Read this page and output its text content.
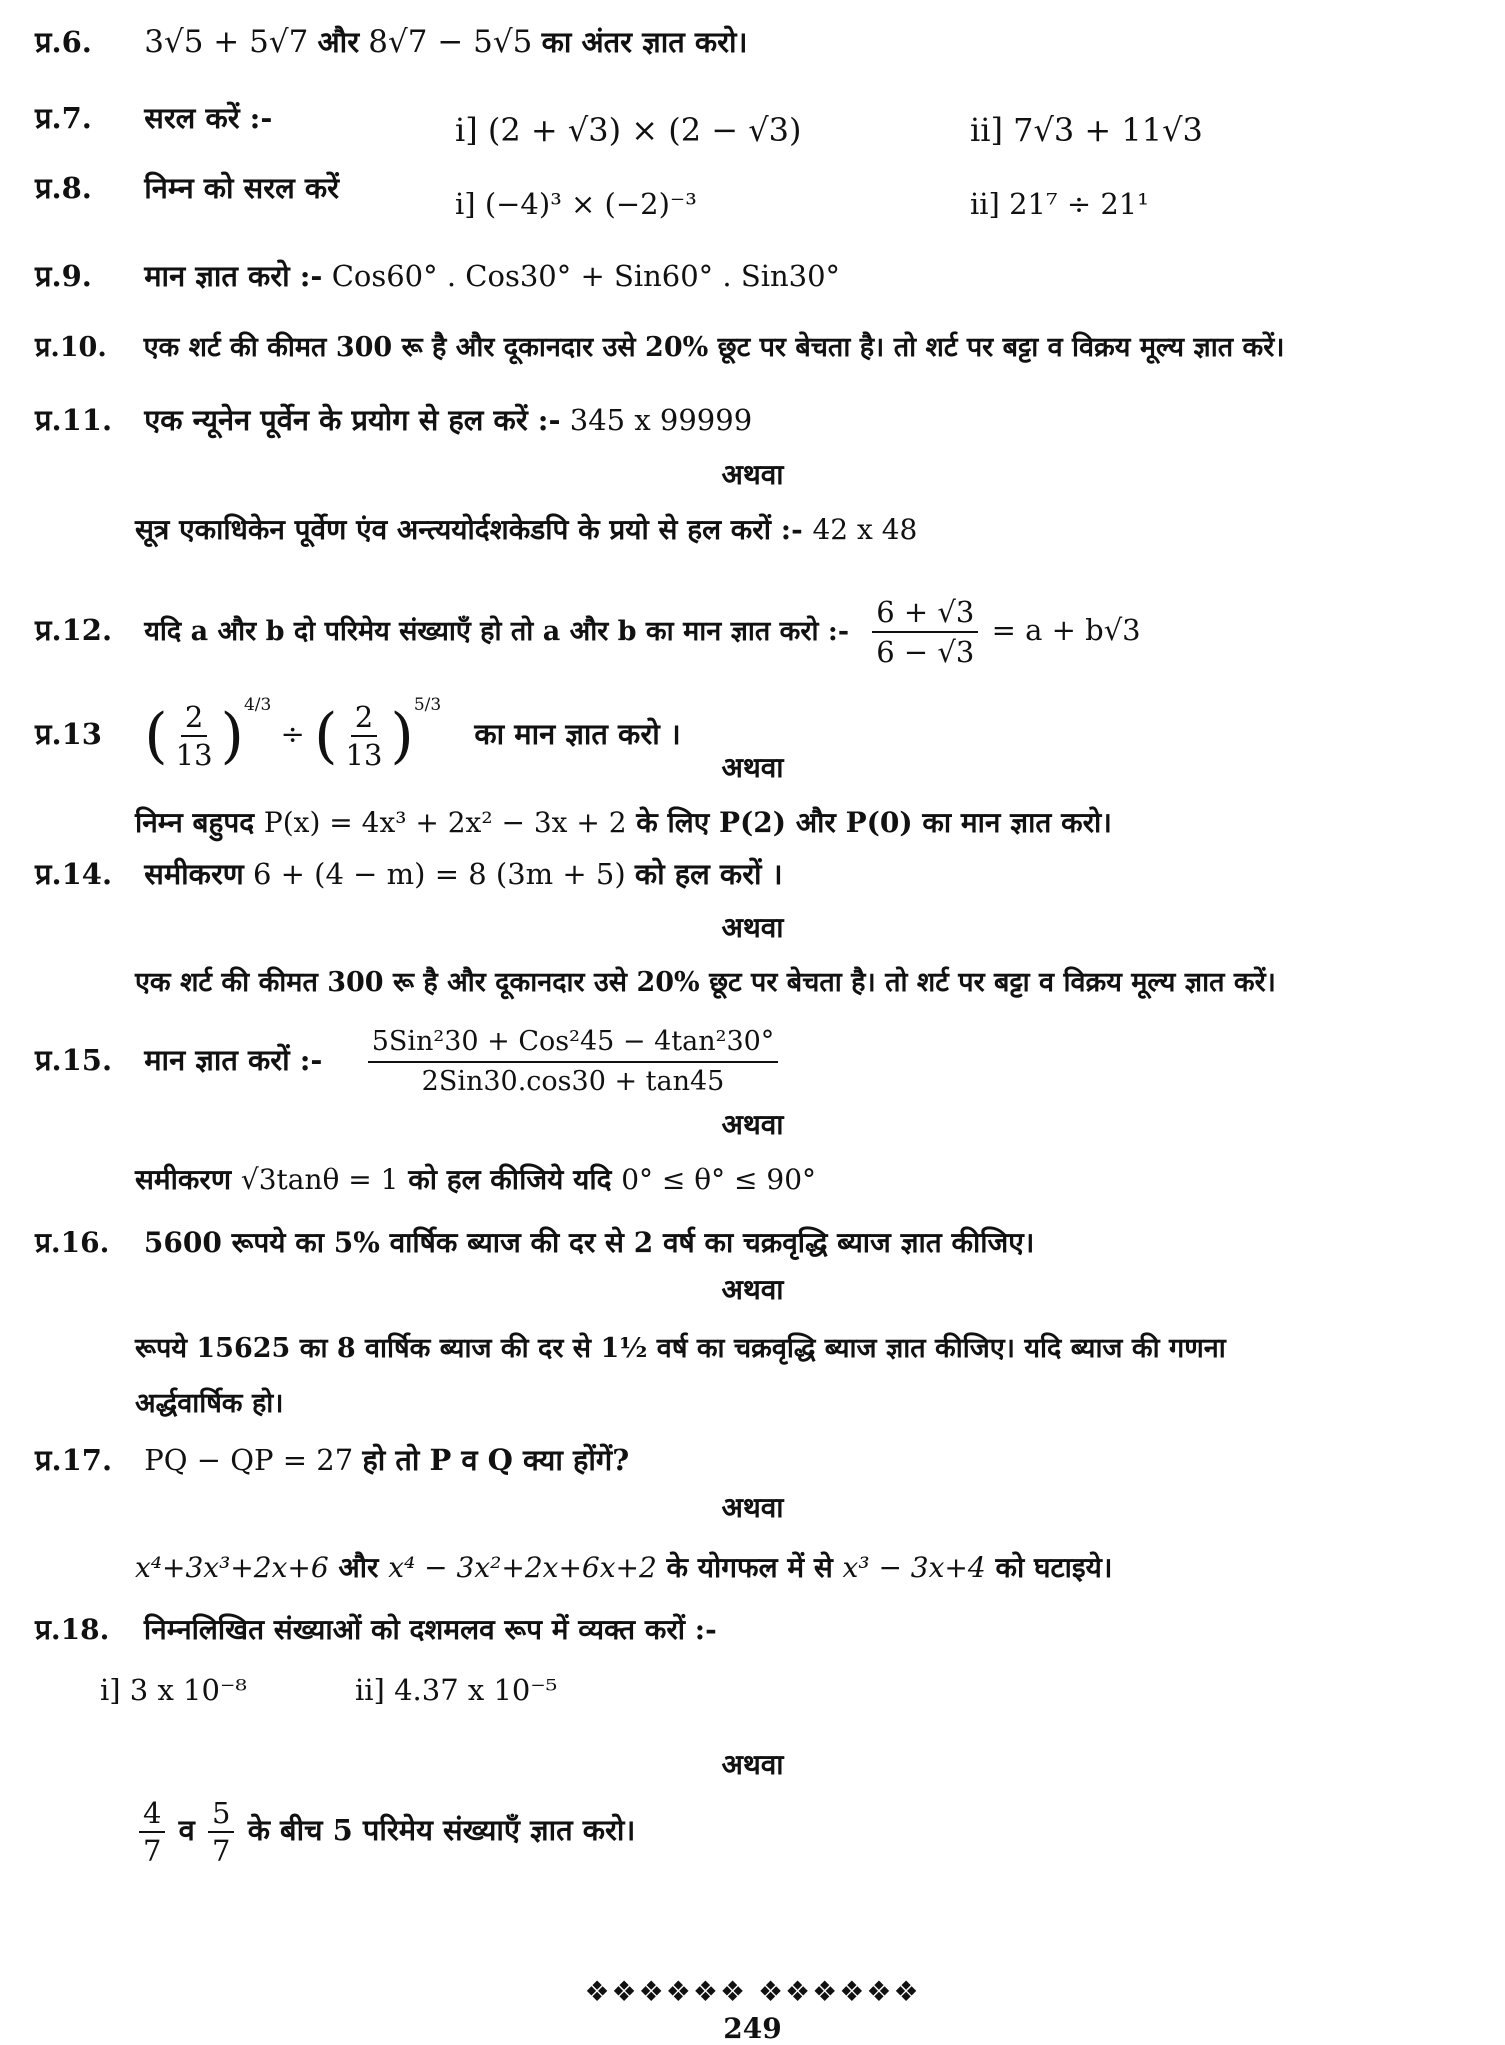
प्र.6. 3√5 + 5√7 और 8√7 − 5√5 का अंतर ज्ञात करो।
प्र.7. सरल करें :-	i] (2 + √3) × (2 − √3)	ii] 7√3 + 11√3
प्र.8. निम्न को सरल करें	i] (−4)³ × (−2)⁻³	ii] 21⁷ ÷ 21¹
प्र.9. मान ज्ञात करो :- Cos60° . Cos30° + Sin60° . Sin30°
प्र.10. एक शर्ट की कीमत 300 रू है और दूकानदार उसे 20% छूट पर बेचता है। तो शर्ट पर बट्टा व विक्रय मूल्य ज्ञात करें।
प्र.11. एक न्यूनेन पूर्वेन के प्रयोग से हल करें :- 345 x 99999
अथवा
सूत्र एकाधिकेन पूर्वेण एंव अन्त्ययोर्दशकेडपि के प्रयो से हल करों :- 42 x 48
प्र.12. यदि a और b दो परिमेय संख्याएँ हो तो a और b का मान ज्ञात करो :- $\frac{6 + √3}{6 - √3} = a + b√3$
प्र.13 ( $\frac{2}{13} )^{4/3}$ ÷ ( $\frac{2}{13} )^{5/3}$ का मान ज्ञात करो ।
अथवा
निम्न बहुपद P(x) = 4x³ + 2x² − 3x + 2 के लिए P(2) और P(0) का मान ज्ञात करो।
प्र.14. समीकरण 6 + (4 − m) = 8 (3m + 5) को हल करों ।
अथवा
एक शर्ट की कीमत 300 रू है और दूकानदार उसे 20% छूट पर बेचता है। तो शर्ट पर बट्टा व विक्रय मूल्य ज्ञात करें।
प्र.15. मान ज्ञात करों :- $\frac{\text{5Sin²30 + Cos²45 − 4tan²30°}}{\text{2Sin30.cos30 + tan45}}$
अथवा
समीकरण √3tanθ = 1 को हल कीजिये यदि 0° ≤ θ° ≤ 90°
प्र.16. 5600 रूपये का 5% वार्षिक ब्याज की दर से 2 वर्ष का चक्रवृद्धि ब्याज ज्ञात कीजिए।
अथवा
रूपये 15625 का 8 वार्षिक ब्याज की दर से 1½ वर्ष का चक्रवृद्धि ब्याज ज्ञात कीजिए। यदि ब्याज की गणना
अर्द्धवार्षिक हो।
प्र.17. PQ − QP = 27 हो तो P व Q क्या होंगें?
अथवा
x⁴+3x³+2x+6 और x⁴ − 3x²+2x+6x+2 के योगफल में से x³ − 3x+4 को घटाइये।
प्र.18. निम्नलिखित संख्याओं को दशमलव रूप में व्यक्त करों :-
i] 3 x 10⁻⁸	ii] 4.37 x 10⁻⁵
अथवा
$\frac{4}{7}$ व $\frac{5}{7}$ के बीच 5 परिमेय संख्याएँ ज्ञात करो।
❖❖❖❖❖❖ ❖❖❖❖❖❖
249
